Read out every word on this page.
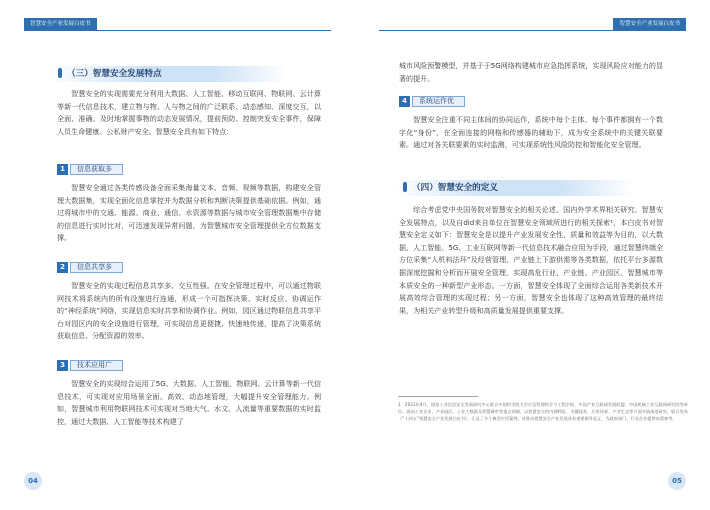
智慧安全产业发展白皮书
（三）智慧安全发展特点

智慧安全的实现需要充分利用大数据、人工智能、移动互联网、物联网、云计算等新一代信息技术，建立物与物、人与物之间的广泛联系、动态感知、深度交互，以全面、准确、及时地掌握事物的动态发展情况，提前预防、控制突发安全事件，保障人员生命健康、公私财产安全。智慧安全具有如下特点：

1	信息获取多

智慧安全通过各类传感设备全面采集海量文本、音频、视频等数据，构建安全管理大数据集，实现全面化信息掌控并为数据分析和判断决策提供基础依据。例如，通过将城市中的交通、能源、商业、通信、水资源等数据与城市安全管理数据集中存储的信息进行实时比对，可迅速发现异常问题，为智慧城市安全管理提供全方位数据支撑。

2	信息共享多

智慧安全的实现过程信息共享多、交互性强。在安全管理过程中，可以通过物联网技术将系统内的所有设施进行连通，形成一个可指挥决策、实时反应、协调运作的“神经系统”网络，实现信息实时共享和协调作业。例如，园区通过物联信息共享平台对园区内的安全设施进行管理，可实现信息更便捷、快速地传递，提高了决策系统获取信息、分配资源的效率。

3	技术应用广

智慧安全的实现综合运用了5G、大数据、人工智能、物联网、云计算等新一代信息技术，可实现对应用场景全面、高效、动态地管理，大幅提升安全管理能力。例如，智慧城市利用物联网技术可实现对当地大气、水文、人流量等重要数据的实时监控，通过大数据、人工智能等技术构建了

04
智慧安全产业发展白皮书

城市风险预警模型，并基于于5G网络构建城市应急指挥系统，实现风险应对能力的显著的提升。

4	系统运作优

智慧安全注重不同主体间的协同运作，系统中每个主体、每个事件都拥有一个数字化“身份”，在全面连接的网格和传感器的辅助下，成为安全系统中的关键关联要素。通过对各关联要素的实时监测，可实现系统性风险防控和智能化安全管理。

（四）智慧安全的定义

综合考虑党中央国务院对智慧安全的相关论述、国内外学术界相关研究、智慧安全发展特点，以及自did来自单位在智慧安全领域所进行的相关探索¹，本白皮书对智慧安全定义如下：智慧安全是以提升产业发展安全性、质量和效益等为目的，以大数据、人工智能、5G、工业互联网等新一代信息技术融合应用为手段，通过智慧终端全方位采集“人机料法环”及经营管理、产业链上下游供需等各类数据，依托平台多源数据深度挖掘和分析而开展安全管理，实现高危行业、产业链、产业园区、智慧城市等本质安全的一种新型产业形态。一方面，智慧安全体现了全面综合运用各类新技术开展高效综合管理的实现过程；另一方面，智慧安全也体现了这种高效管理的最终结果，为相关产业转型升级和高质量发展提供重要支撑。

05

1　2021年4月，国家工业信息安全发展研究中心联合中国科学院大学应急管理科学与工程学院、中国产业互联网发展联盟、中国机械工业互联网研究院等单位，面向工业企业、产业园区、工业大数据及智慧城市等重点领域，以智慧安全的内涵特征、关键技术、应用场景、产业生态等方面开展深度研究，联合发布《“十四五”智慧安全产业发展白皮书》，汇总了多个典型应用案例，对推动智慧安全产业发展具有重要指导意义，为政府部门、行业企业提供决策参考。
